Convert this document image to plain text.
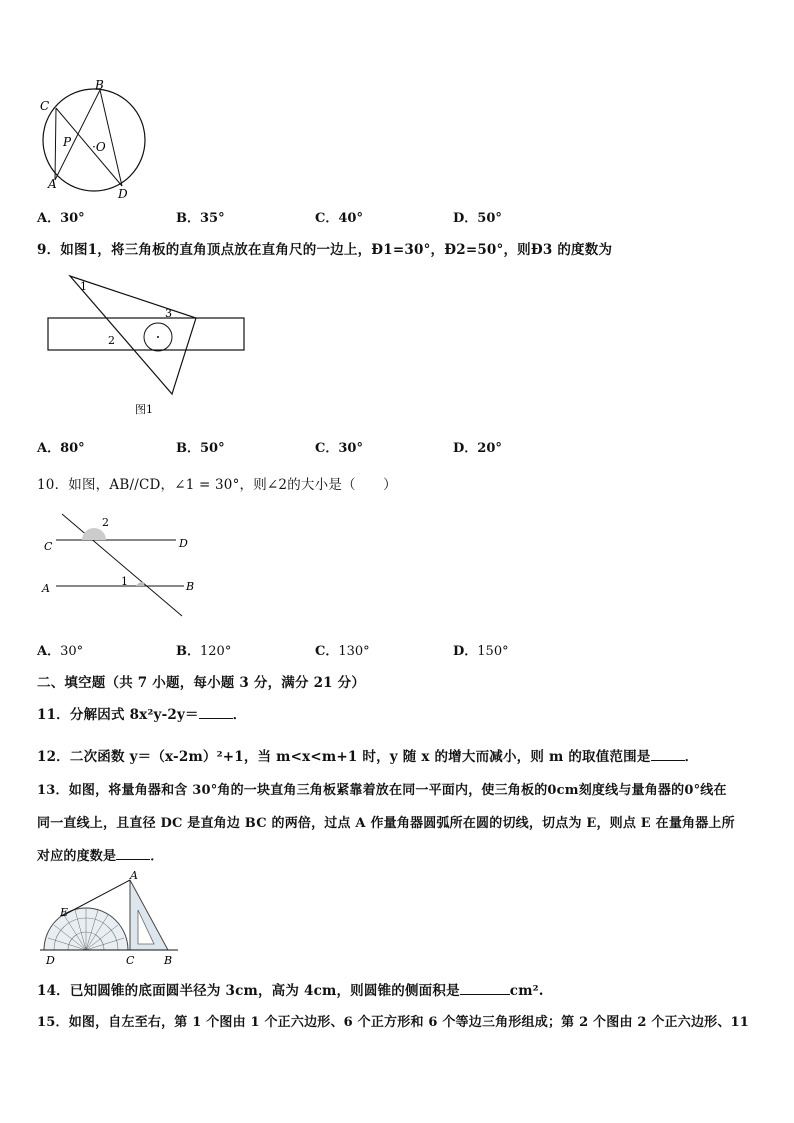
B
C
P ·O
A
D
A．30°	B．35°	C．40°	D．50°
9．如图1，将三角板的直角顶点放在直角尺的一边上，Ð1=30°，Ð2=50°，则Ð3 的度数为
1
2
3
图1
A．80°	B．50°	C．30°	D．20°
10．如图，AB//CD，∠1 = 30°，则∠2的大小是（　　）
2
C	D
A
1	B
A．30°	B．120°	C．130°	D．150°
二、填空题（共 7 小题，每小题 3 分，满分 21 分）
11．分解因式 8x²y-2y＝	．
12．二次函数 y＝（x-2m）²+1，当 m<x<m+1 时，y 随 x 的增大而减小，则 m 的取值范围是	．
13．如图，将量角器和含 30°角的一块直角三角板紧靠着放在同一平面内，使三角板的0cm刻度线与量角器的0°线在
同一直线上，且直径 DC 是直角边 BC 的两倍，过点 A 作量角器圆弧所在圆的切线，切点为 E，则点 E 在量角器上所
对应的度数是	．
A
E
D	C	B
14．已知圆锥的底面圆半径为 3cm，高为 4cm，则圆锥的侧面积是	cm².
15．如图，自左至右，第 1 个图由 1 个正六边形、6 个正方形和 6 个等边三角形组成；第 2 个图由 2 个正六边形、11
